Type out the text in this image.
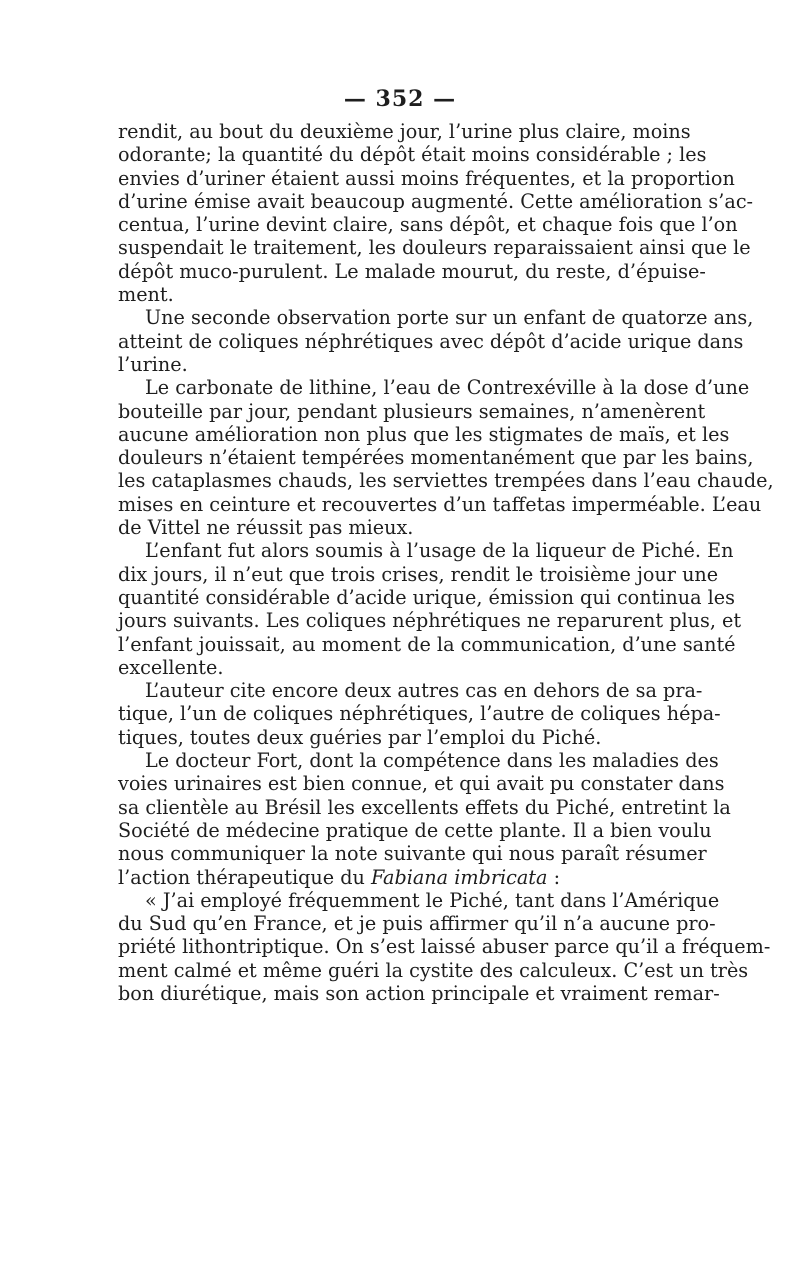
— 352 —
rendit, au bout du deuxième jour, l’urine plus claire, moins
odorante; la quantité du dépôt était moins considérable ; les
envies d’uriner étaient aussi moins fréquentes, et la proportion
d’urine émise avait beaucoup augmenté. Cette amélioration s’ac-
centua, l’urine devint claire, sans dépôt, et chaque fois que l’on
suspendait le traitement, les douleurs reparaissaient ainsi que le
dépôt muco-purulent. Le malade mourut, du reste, d’épuise-
ment.
Une seconde observation porte sur un enfant de quatorze ans,
atteint de coliques néphrétiques avec dépôt d’acide urique dans
l’urine.
Le carbonate de lithine, l’eau de Contrexéville à la dose d’une
bouteille par jour, pendant plusieurs semaines, n’amenèrent
aucune amélioration non plus que les stigmates de maïs, et les
douleurs n’étaient tempérées momentanément que par les bains,
les cataplasmes chauds, les serviettes trempées dans l’eau chaude,
mises en ceinture et recouvertes d’un taffetas imperméable. L’eau
de Vittel ne réussit pas mieux.
L’enfant fut alors soumis à l’usage de la liqueur de Piché. En
dix jours, il n’eut que trois crises, rendit le troisième jour une
quantité considérable d’acide urique, émission qui continua les
jours suivants. Les coliques néphrétiques ne reparurent plus, et
l’enfant jouissait, au moment de la communication, d’une santé
excellente.
L’auteur cite encore deux autres cas en dehors de sa pra-
tique, l’un de coliques néphrétiques, l’autre de coliques hépa-
tiques, toutes deux guéries par l’emploi du Piché.
Le docteur Fort, dont la compétence dans les maladies des
voies urinaires est bien connue, et qui avait pu constater dans
sa clientèle au Brésil les excellents effets du Piché, entretint la
Société de médecine pratique de cette plante. Il a bien voulu
nous communiquer la note suivante qui nous paraît résumer
l’action thérapeutique du Fabiana imbricata :
« J’ai employé fréquemment le Piché, tant dans l’Amérique
du Sud qu’en France, et je puis affirmer qu’il n’a aucune pro-
priété lithontriptique. On s’est laissé abuser parce qu’il a fréquem-
ment calmé et même guéri la cystite des calculeux. C’est un très
bon diurétique, mais son action principale et vraiment remar-
